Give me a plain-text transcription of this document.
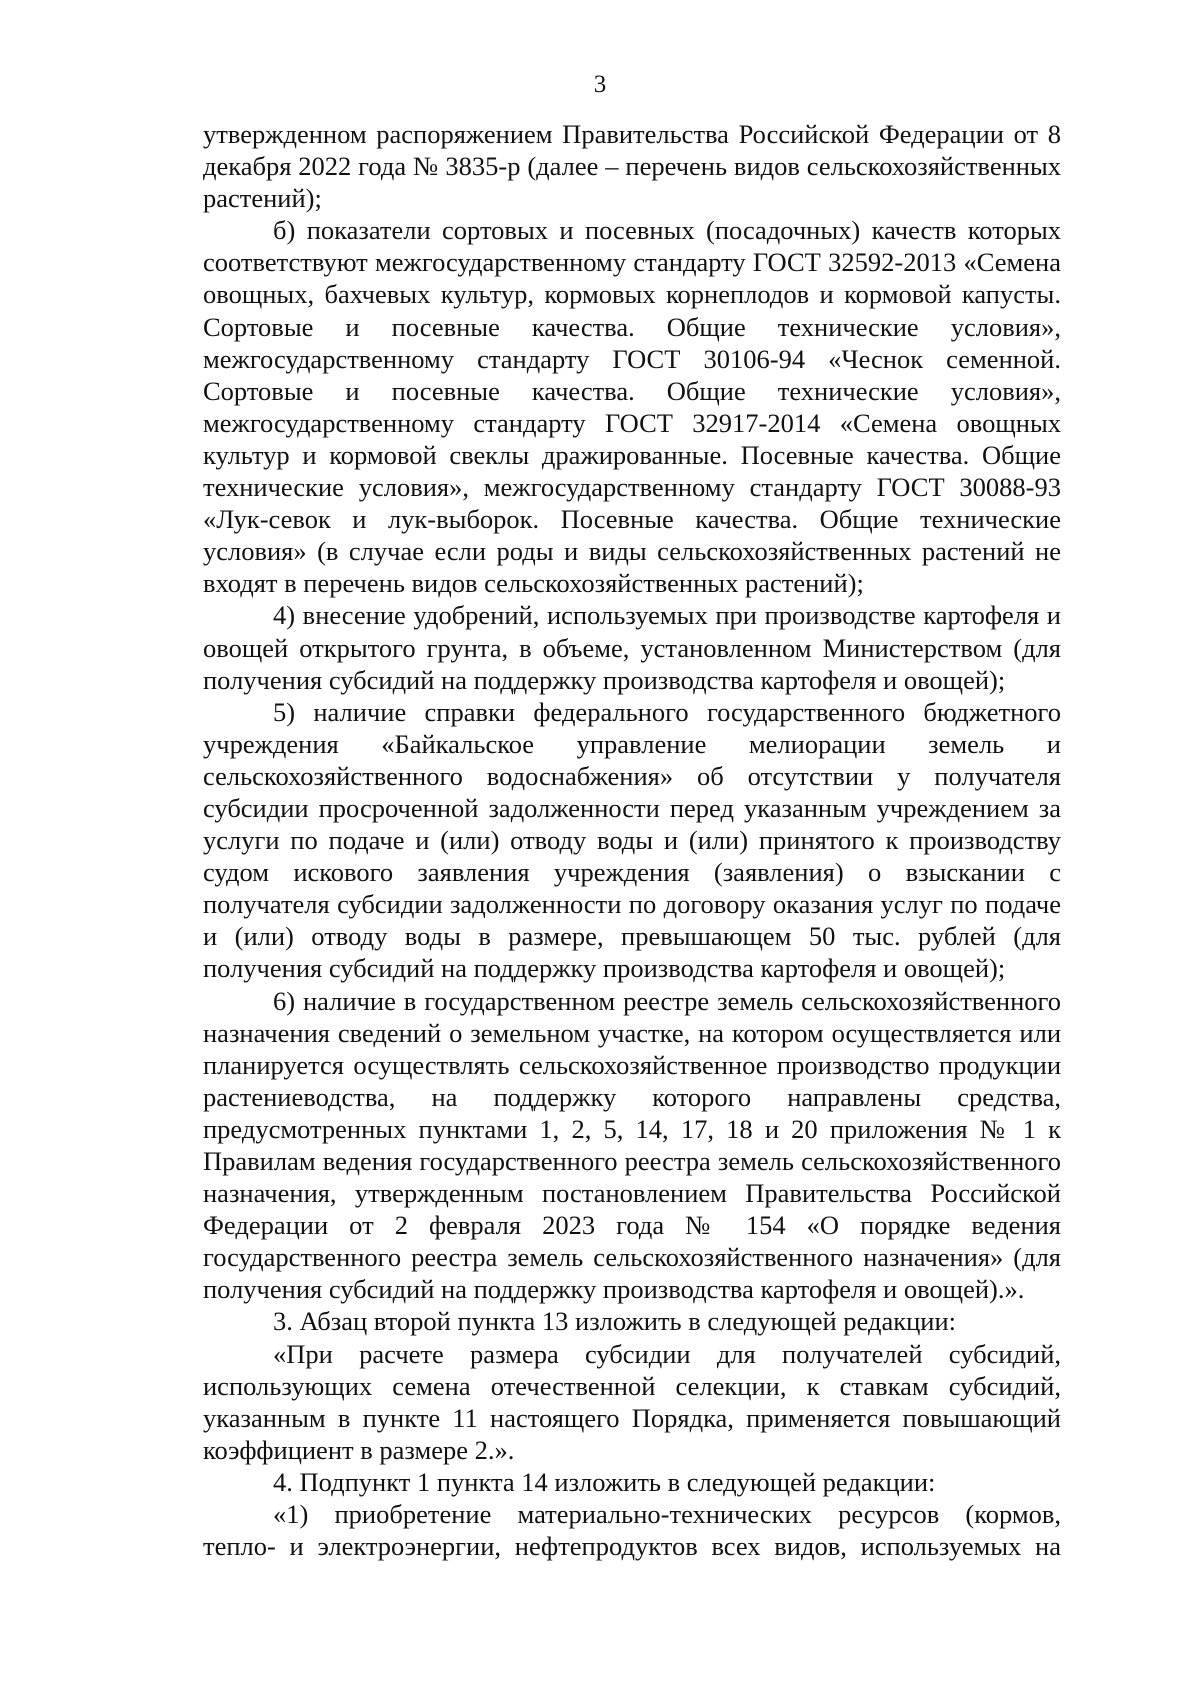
3

утвержденном распоряжением Правительства Российской Федерации от 8 декабря 2022 года № 3835-р (далее – перечень видов сельскохозяйственных растений);

б) показатели сортовых и посевных (посадочных) качеств которых соответствуют межгосударственному стандарту ГОСТ 32592-2013 «Семена овощных, бахчевых культур, кормовых корнеплодов и кормовой капусты. Сортовые и посевные качества. Общие технические условия», межгосударственному стандарту ГОСТ 30106-94 «Чеснок семенной. Сортовые и посевные качества. Общие технические условия», межгосударственному стандарту ГОСТ 32917-2014 «Семена овощных культур и кормовой свеклы дражированные. Посевные качества. Общие технические условия», межгосударственному стандарту ГОСТ 30088-93 «Лук-севок и лук-выборок. Посевные качества. Общие технические условия» (в случае если роды и виды сельскохозяйственных растений не входят в перечень видов сельскохозяйственных растений);

4) внесение удобрений, используемых при производстве картофеля и овощей открытого грунта, в объеме, установленном Министерством (для получения субсидий на поддержку производства картофеля и овощей);

5) наличие справки федерального государственного бюджетного учреждения «Байкальское управление мелиорации земель и сельскохозяйственного водоснабжения» об отсутствии у получателя субсидии просроченной задолженности перед указанным учреждением за услуги по подаче и (или) отводу воды и (или) принятого к производству судом искового заявления учреждения (заявления) о взыскании с получателя субсидии задолженности по договору оказания услуг по подаче и (или) отводу воды в размере, превышающем 50 тыс. рублей (для получения субсидий на поддержку производства картофеля и овощей);

6) наличие в государственном реестре земель сельскохозяйственного назначения сведений о земельном участке, на котором осуществляется или планируется осуществлять сельскохозяйственное производство продукции растениеводства, на поддержку которого направлены средства, предусмотренных пунктами 1, 2, 5, 14, 17, 18 и 20 приложения № 1 к Правилам ведения государственного реестра земель сельскохозяйственного назначения, утвержденным постановлением Правительства Российской Федерации от 2 февраля 2023 года № 154 «О порядке ведения государственного реестра земель сельскохозяйственного назначения» (для получения субсидий на поддержку производства картофеля и овощей).».

3. Абзац второй пункта 13 изложить в следующей редакции:

«При расчете размера субсидии для получателей субсидий, использующих семена отечественной селекции, к ставкам субсидий, указанным в пункте 11 настоящего Порядка, применяется повышающий коэффициент в размере 2.».

4. Подпункт 1 пункта 14 изложить в следующей редакции:

«1) приобретение материально-технических ресурсов (кормов, тепло- и электроэнергии, нефтепродуктов всех видов, используемых на
